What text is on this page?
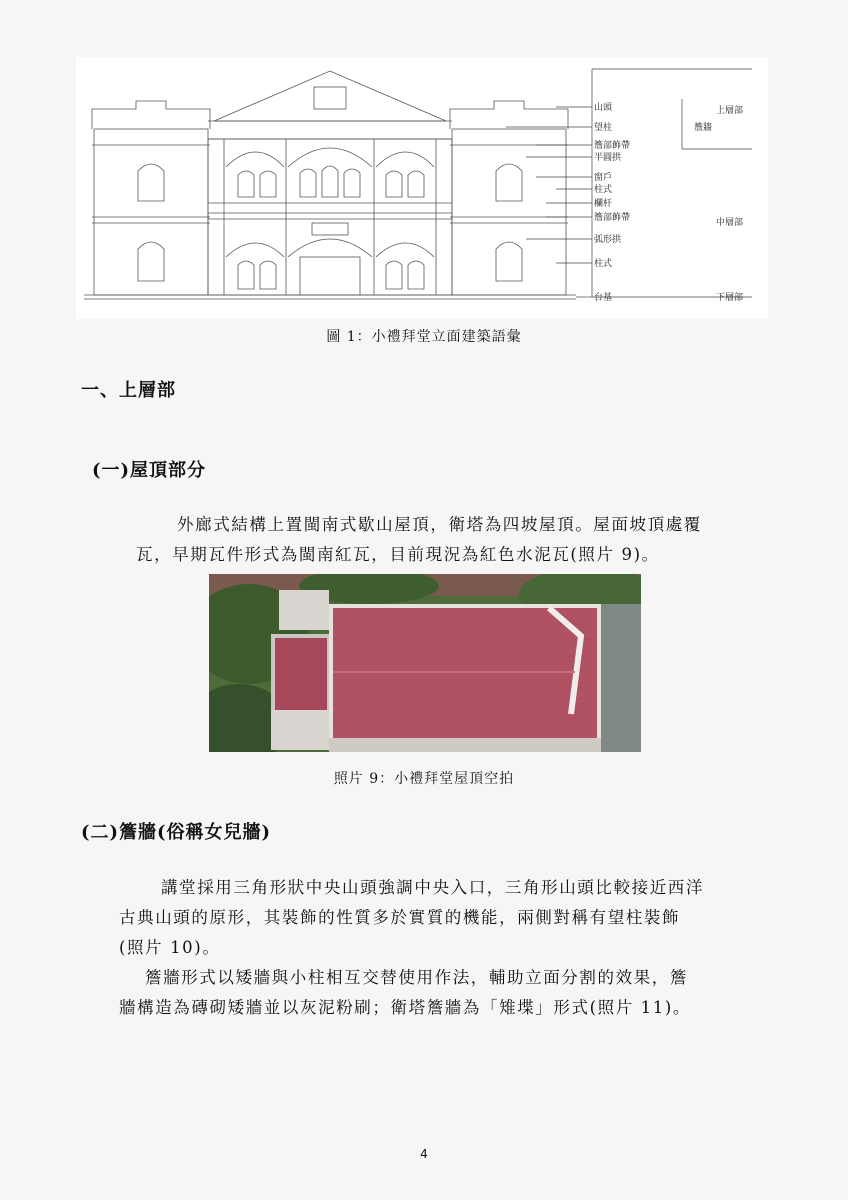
山頭
望柱
簷部飾帶
半圓拱
窗戶
柱式
欄杆
簷部飾帶
弧形拱
柱式
台基
簷牆
上層部
中層部
下層部
圖 1：小禮拜堂立面建築語彙
一、上層部
(一)屋頂部分
外廊式結構上置閩南式歇山屋頂，衛塔為四坡屋頂。屋面坡頂處覆
瓦，早期瓦件形式為閩南紅瓦，目前現況為紅色水泥瓦(照片 9)。
照片 9：小禮拜堂屋頂空拍
(二)簷牆(俗稱女兒牆)
講堂採用三角形狀中央山頭強調中央入口，三角形山頭比較接近西洋
古典山頭的原形，其裝飾的性質多於實質的機能，兩側對稱有望柱裝飾
(照片 10)。
簷牆形式以矮牆與小柱相互交替使用作法，輔助立面分割的效果，簷
牆構造為磚砌矮牆並以灰泥粉刷；衛塔簷牆為「雉堞」形式(照片 11)。
4
